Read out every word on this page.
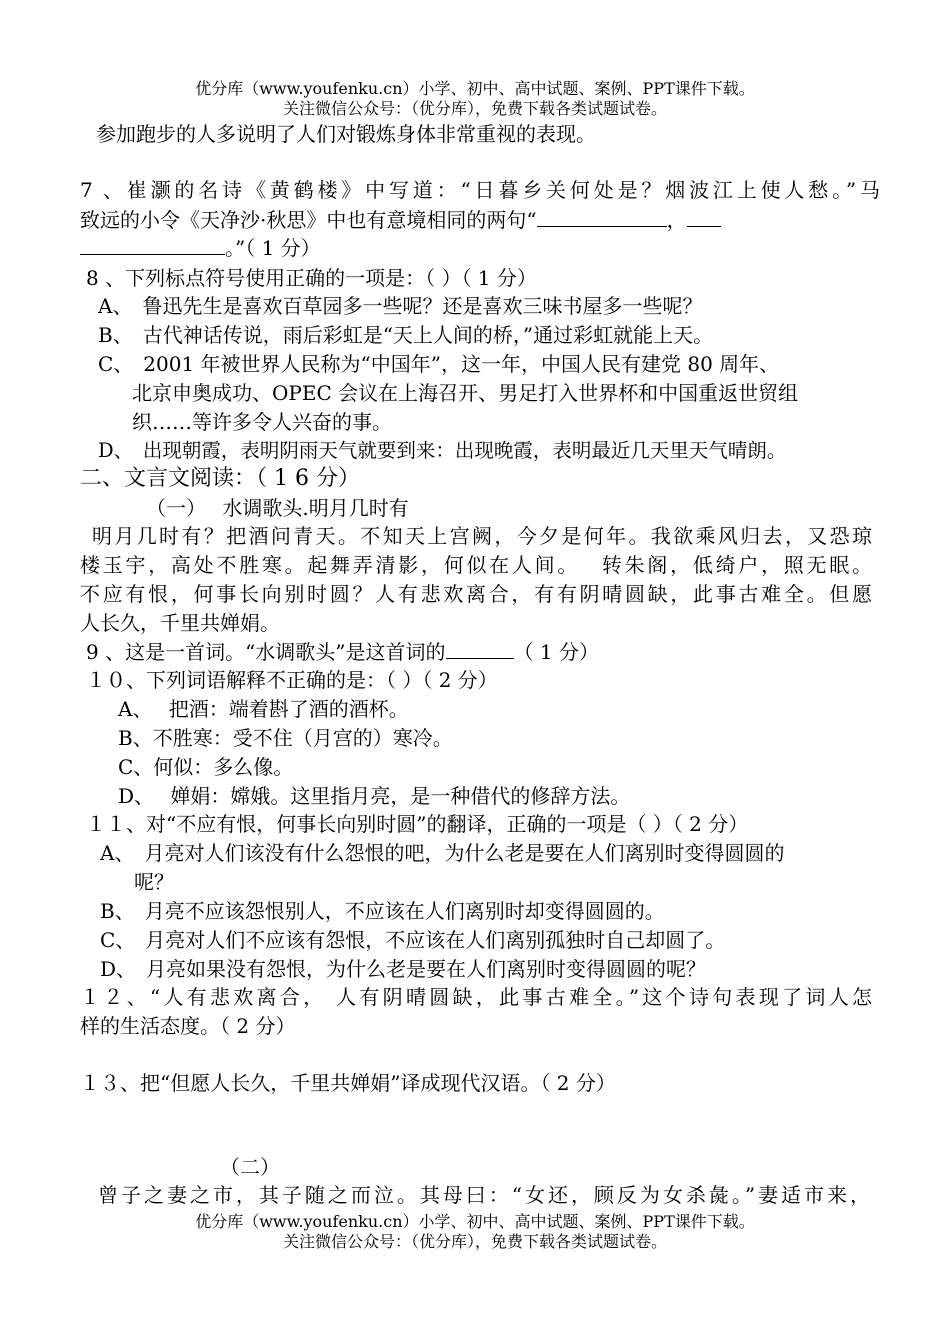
优分库（www.youfenku.cn）小学、初中、高中试题、案例、PPT课件下载。
关注微信公众号：（优分库），免费下载各类试题试卷。
参加跑步的人多说明了人们对锻炼身体非常重视的表现。
7 、崔灏的名诗《黄鹤楼》中写道：“日暮乡关何处是？烟波江上使人愁。”马
致远的小令《天净沙·秋思》中也有意境相同的两句“	，
。”（ 1 分）
8 、下列标点符号使用正确的一项是：（ ）（ 1 分）
A、　鲁迅先生是喜欢百草园多一些呢？还是喜欢三味书屋多一些呢？
B、　古代神话传说，雨后彩虹是“天上人间的桥，”通过彩虹就能上天。
C、　2001 年被世界人民称为“中国年”，这一年，中国人民有建党 80 周年、
北京申奥成功、OPEC 会议在上海召开、男足打入世界杯和中国重返世贸组
织……等许多令人兴奋的事。
D、　出现朝霞，表明阴雨天气就要到来：出现晚霞，表明最近几天里天气晴朗。
二、文言文阅读：（ 1 6 分）
（一）　 水调歌头.明月几时有
明月几时有？把酒问青天。不知天上宫阙，今夕是何年。我欲乘风归去，又恐琼
楼玉宇，高处不胜寒。起舞弄清影，何似在人间。　 转朱阁，低绮户，照无眠。
不应有恨，何事长向别时圆？人有悲欢离合，有有阴晴圆缺，此事古难全。但愿
人长久，千里共婵娟。
9 、这是一首词。“水调歌头”是这首词的	（ 1 分）
１０、下列词语解释不正确的是：（ ）（ 2 分）
A、　 把酒：端着斟了酒的酒杯。
B、不胜寒：受不住（月宫的）寒冷。
C、何似：多么像。
D、　 婵娟：嫦娥。这里指月亮，是一种借代的修辞方法。
１１、对“不应有恨，何事长向别时圆”的翻译，正确的一项是（ ）（ 2 分）
A、　月亮对人们该没有什么怨恨的吧，为什么老是要在人们离别时变得圆圆的
呢？
B、　月亮不应该怨恨别人，不应该在人们离别时却变得圆圆的。
C、　月亮对人们不应该有怨恨，不应该在人们离别孤独时自己却圆了。
D、　月亮如果没有怨恨，为什么老是要在人们离别时变得圆圆的呢？
１２、“人有悲欢离合， 人有阴晴圆缺，此事古难全。”这个诗句表现了词人怎
样的生活态度。（ 2 分）
１３、把“但愿人长久，千里共婵娟”译成现代汉语。（ 2 分）
（二）
曾子之妻之市，其子随之而泣。其母曰：“女还，顾反为女杀彘。”妻适市来，
优分库（www.youfenku.cn）小学、初中、高中试题、案例、PPT课件下载。
关注微信公众号：（优分库），免费下载各类试题试卷。
